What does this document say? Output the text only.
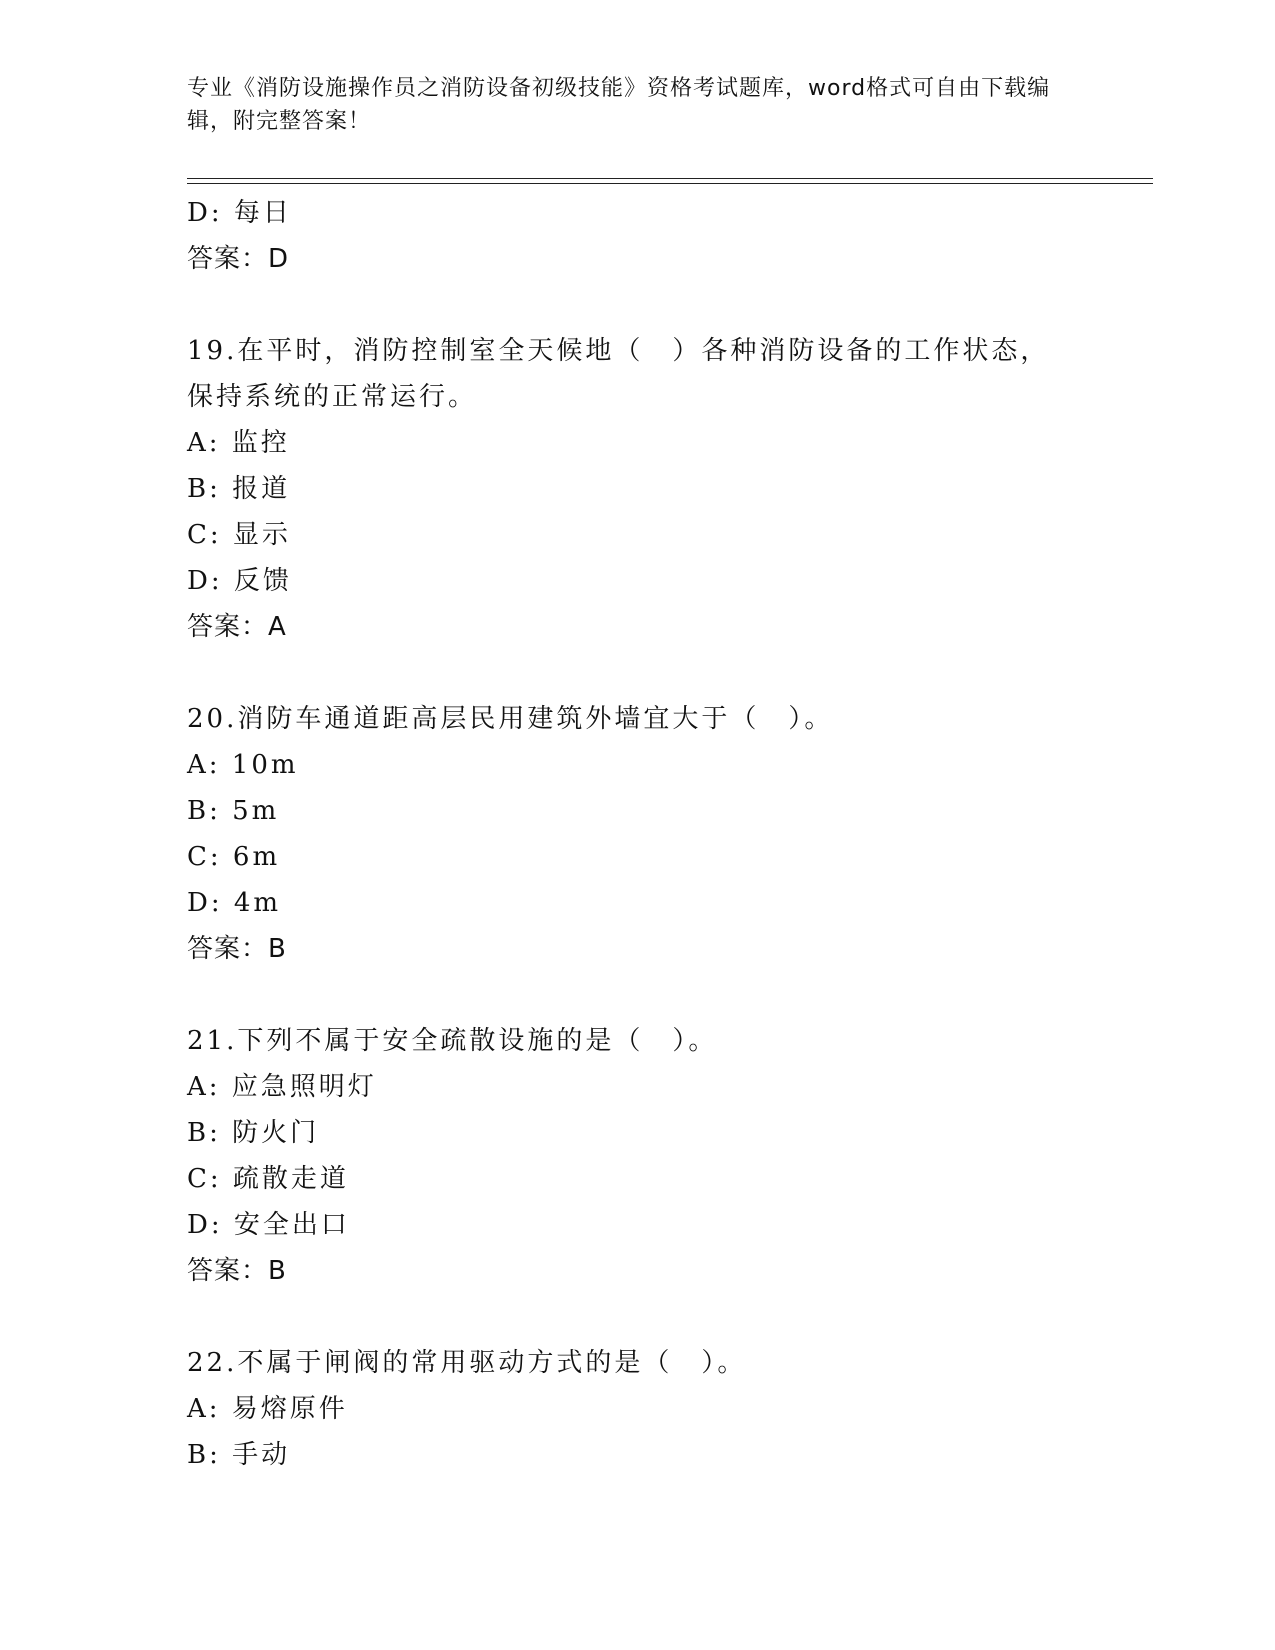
专业《消防设施操作员之消防设备初级技能》资格考试题库，word格式可自由下载编辑，附完整答案！
D: 每日
答案：D
19.在平时，消防控制室全天候地（　）各种消防设备的工作状态，保持系统的正常运行。
A: 监控
B: 报道
C: 显示
D: 反馈
答案：A
20.消防车通道距高层民用建筑外墙宜大于（　）。
A: 10m
B: 5m
C: 6m
D: 4m
答案：B
21.下列不属于安全疏散设施的是（　）。
A: 应急照明灯
B: 防火门
C: 疏散走道
D: 安全出口
答案：B
22.不属于闸阀的常用驱动方式的是（　）。
A: 易熔原件
B: 手动
